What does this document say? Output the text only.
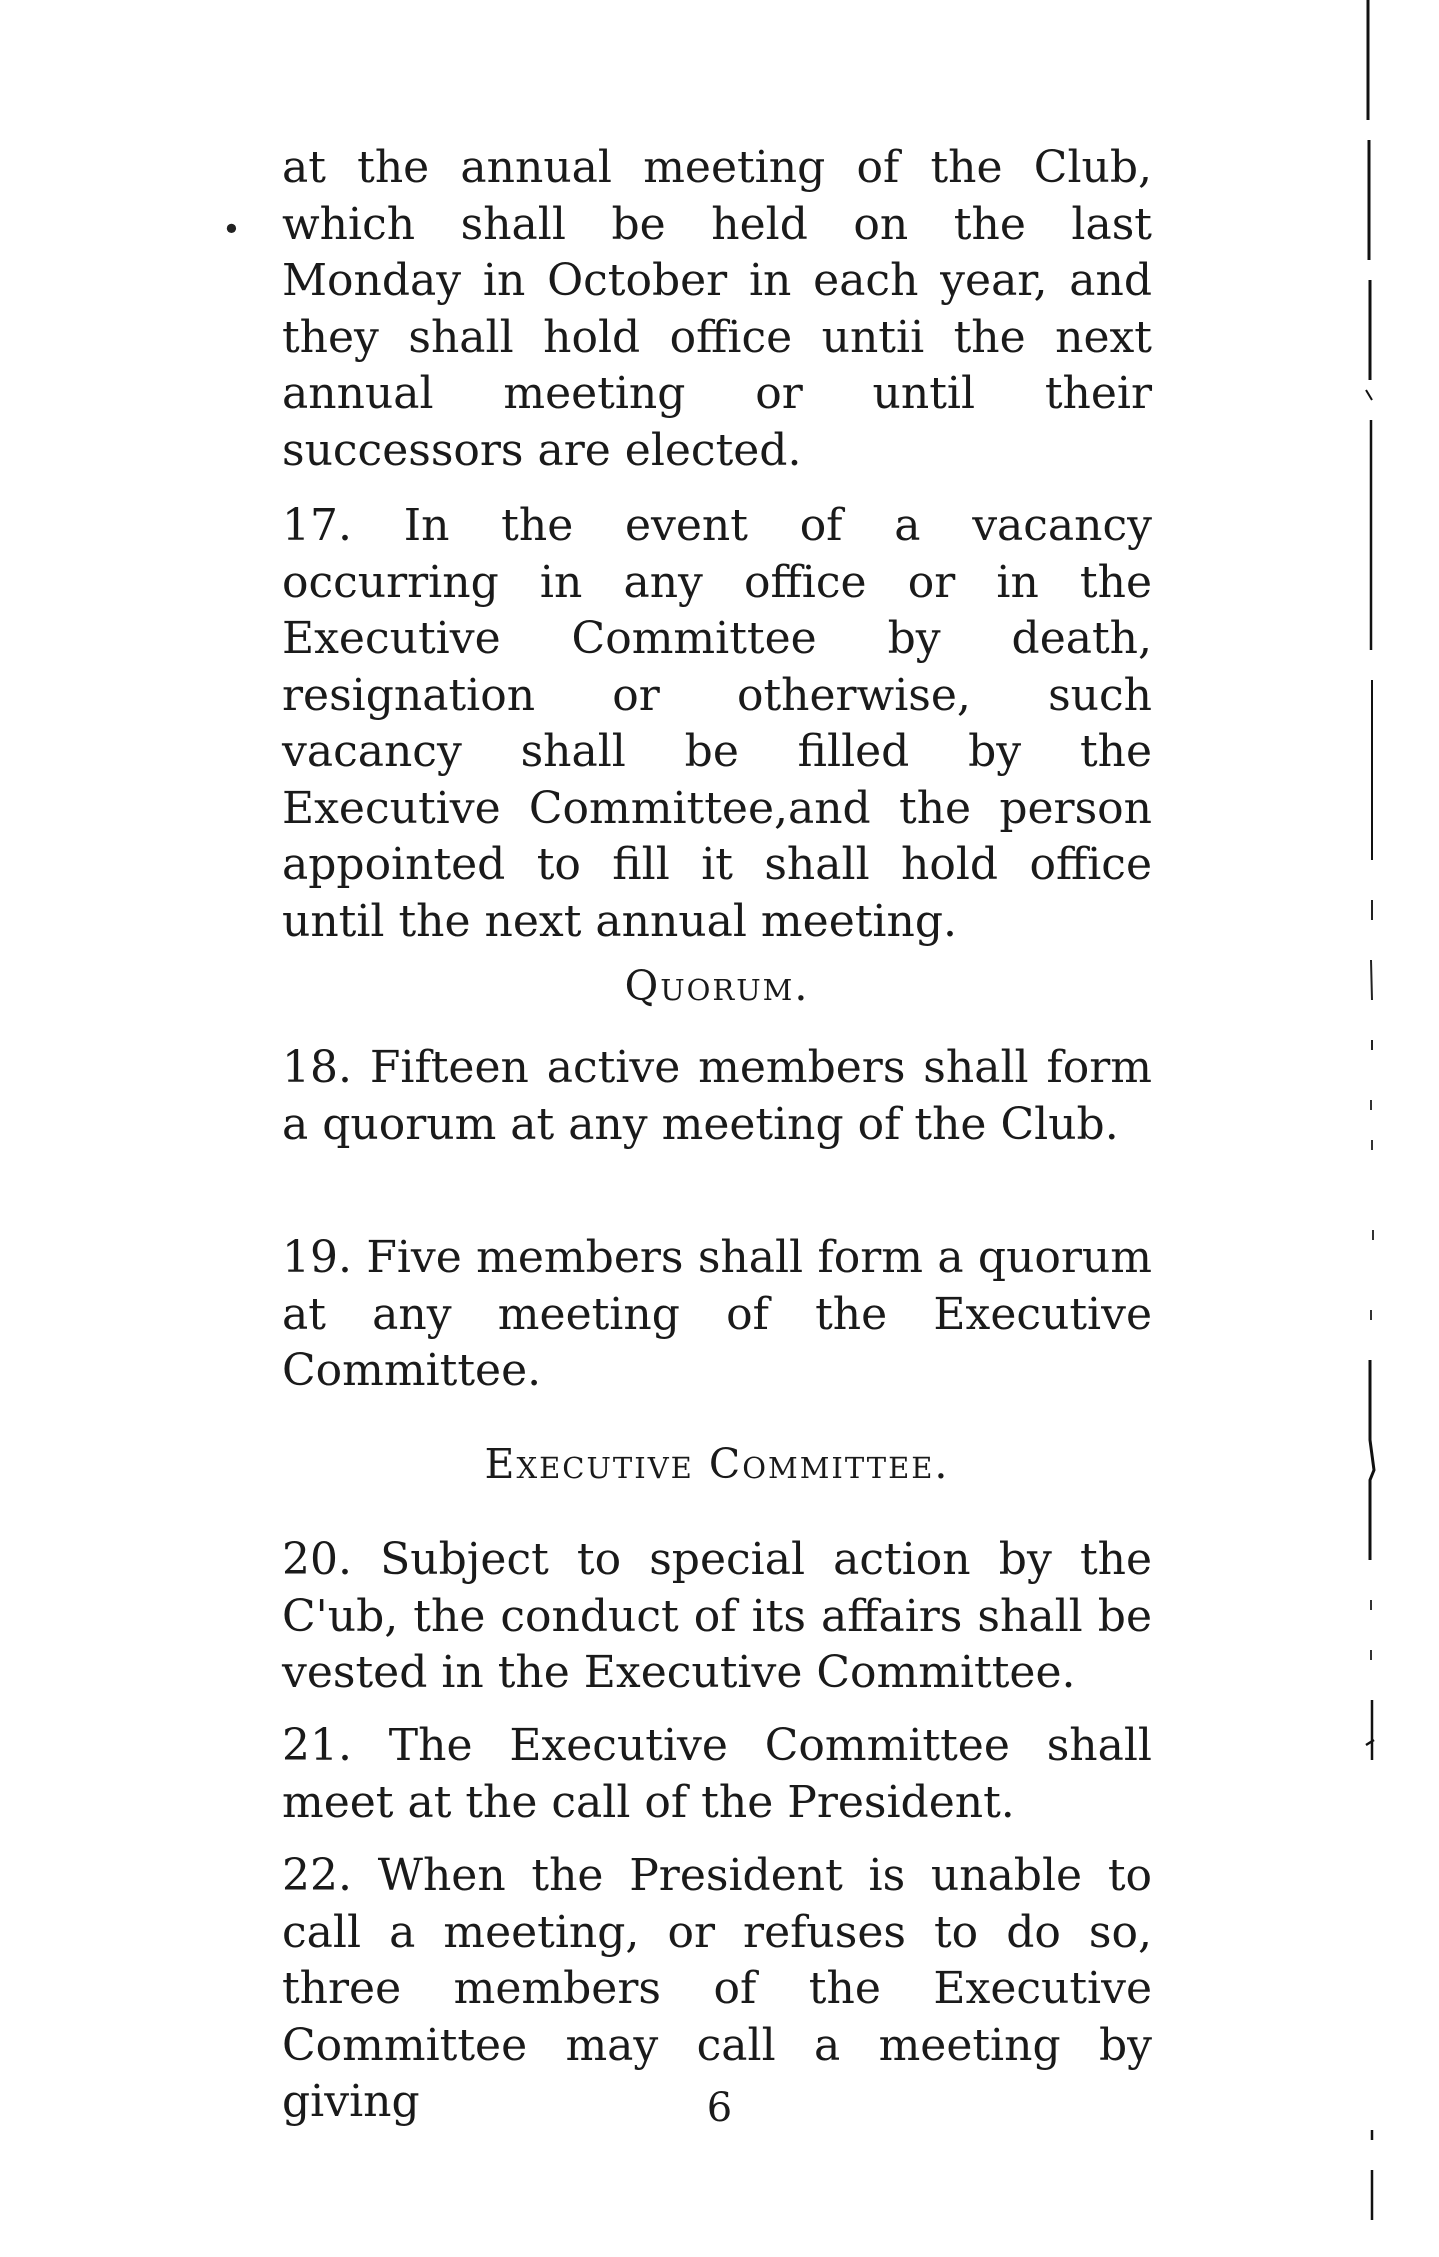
•
at the annual meeting of the Club, which shall be held on the last Monday in October in each year, and they shall hold office untii the next annual meeting or until their successors are elected.
17. In the event of a vacancy occurring in any office or in the Executive Committee by death, resignation or otherwise, such vacancy shall be filled by the Executive Committee,and the person appointed to fill it shall hold office until the next annual meeting.
Quorum.
18. Fifteen active members shall form a quorum at any meeting of the Club.
19. Five members shall form a quorum at any meeting of the Executive Committee.
Executive Committee.
20. Subject to special action by the C'ub, the conduct of its affairs shall be vested in the Executive Committee.
21. The Executive Committee shall meet at the call of the President.
22. When the President is unable to call a meeting, or refuses to do so, three members of the Executive Committee may call a meeting by giving	6
